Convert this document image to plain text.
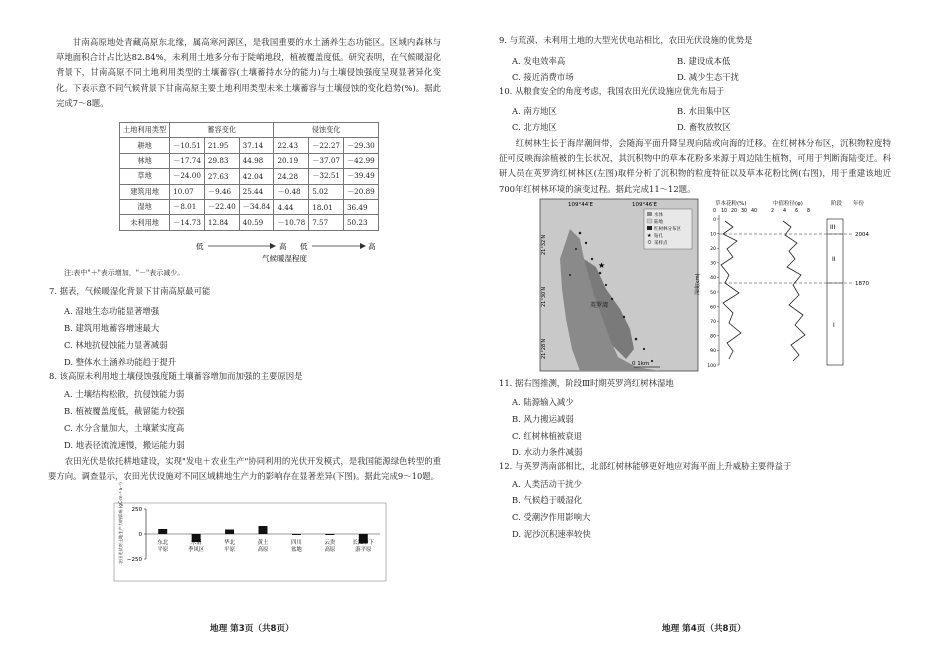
甘南高原地处青藏高原东北缘，属高寒河源区，是我国重要的水土涵养生态功能区。区域内森林与草地面积合计占比达82.84%，未利用土地多分布于陡峭地段，植被覆盖度低。研究表明，在气候暖湿化背景下，甘南高原不同土地利用类型的土壤蓄容(土壤蓄持水分的能力)与土壤侵蚀强度呈现显著异化变化。下表示意不同气候背景下甘南高原主要土地利用类型未来土壤蓄容与土壤侵蚀的变化趋势(%)。据此完成7～8题。
土地利用类型	蓄容变化			侵蚀变化		
耕地	－10.51	21.95	37.14	22.43	－22.27	－29.30
林地	－17.74	29.83	44.98	20.19	－37.07	－42.99
草地	－24.00	27.63	42.04	24.28	－32.51	－39.49
建筑用地	10.07	－9.46	25.44	－0.48	5.02	－20.89
湿地	－8.01	－22.40	－34.84	4.44	18.01	36.49
未利用地	－14.73	12.84	40.59	－10.78	7.57	50.23
低	高 低	高
气候暖湿程度
注:表中"＋"表示增加，"－"表示减少。
7. 据表，气候暖湿化背景下甘南高原最可能
A. 湿地生态功能显著增强
B. 建筑用地蓄容增速最大
C. 林地抗侵蚀能力显著减弱
D. 整体水土涵养功能趋于提升
8. 该高原未利用地土壤侵蚀强度随土壤蓄容增加而加强的主要原因是
A. 土壤结构松散，抗侵蚀能力弱
B. 植被覆盖度低，截留能力较强
C. 水分含量加大，土壤紧实度高
D. 地表径流流速慢，搬运能力弱
农田光伏是依托耕地建设，实现"发电＋农业生产"协同利用的光伏开发模式，是我国能源绿色转型的重要方向。调查显示，农田光伏设施对不同区域耕地生产力的影响存在显著差异(下图)。据此完成9～10题。
250
0
−250
农田光伏对土地生产力的影响 (gC·m⁻²·a⁻¹)	东北
平原
东南
季风区
华北
平原
黄土
高原
四川
盆地
云贵
高原
长江中下
游平原
地理 第3页（共8页）
9. 与荒漠、未利用土地的大型光伏电站相比，农田光伏设施的优势是
A. 发电效率高	B. 建设成本低
C. 接近消费市场	D. 减少生态干扰
10. 从粮食安全的角度考虑，我国农田光伏设施应优先布局于
A. 南方地区	B. 水田集中区
C. 北方地区	D. 畜牧放牧区
红树林生长于海岸潮间带，会随海平面升降呈现向陆或向海的迁移。在红树林分布区，沉积物粒度特征可反映海涂植被的生长状况，其沉积物中的草本花粉多来源于周边陆生植物，可用于判断海陆变迁。科研人员在英罗湾红树林区(左图)取样分析了沉积物的粒度特征以及草本花粉比例(右图)，用于重建该地近700年红树林环境的演变过程。据此完成11～12题。
109°44′E	109°46′E
21°32′N
21°30′N
21°28′N
水体
陆地
红树林分布区
★ 钻孔
采样点
★
英罗湾
0 1km
草本花粉(%)	中值粒径(φ)	阶段 年份
0 10 20 30 40	2 4 6 8
深度(cm)
0
10
20
30
40
50
60
70
80
90
100
III
II
I
2004
1870
11. 据右图推测，阶段Ⅲ时期英罗湾红树林湿地
A. 陆源输入减少
B. 风力搬运减弱
C. 红树林植被衰退
D. 水动力条件减弱
12. 与英罗湾南部相比，北部红树林能够更好地应对海平面上升威胁主要得益于
A. 人类活动干扰少
B. 气候趋于暖湿化
C. 受潮汐作用影响大
D. 泥沙沉积速率较快
地理 第4页（共8页）
